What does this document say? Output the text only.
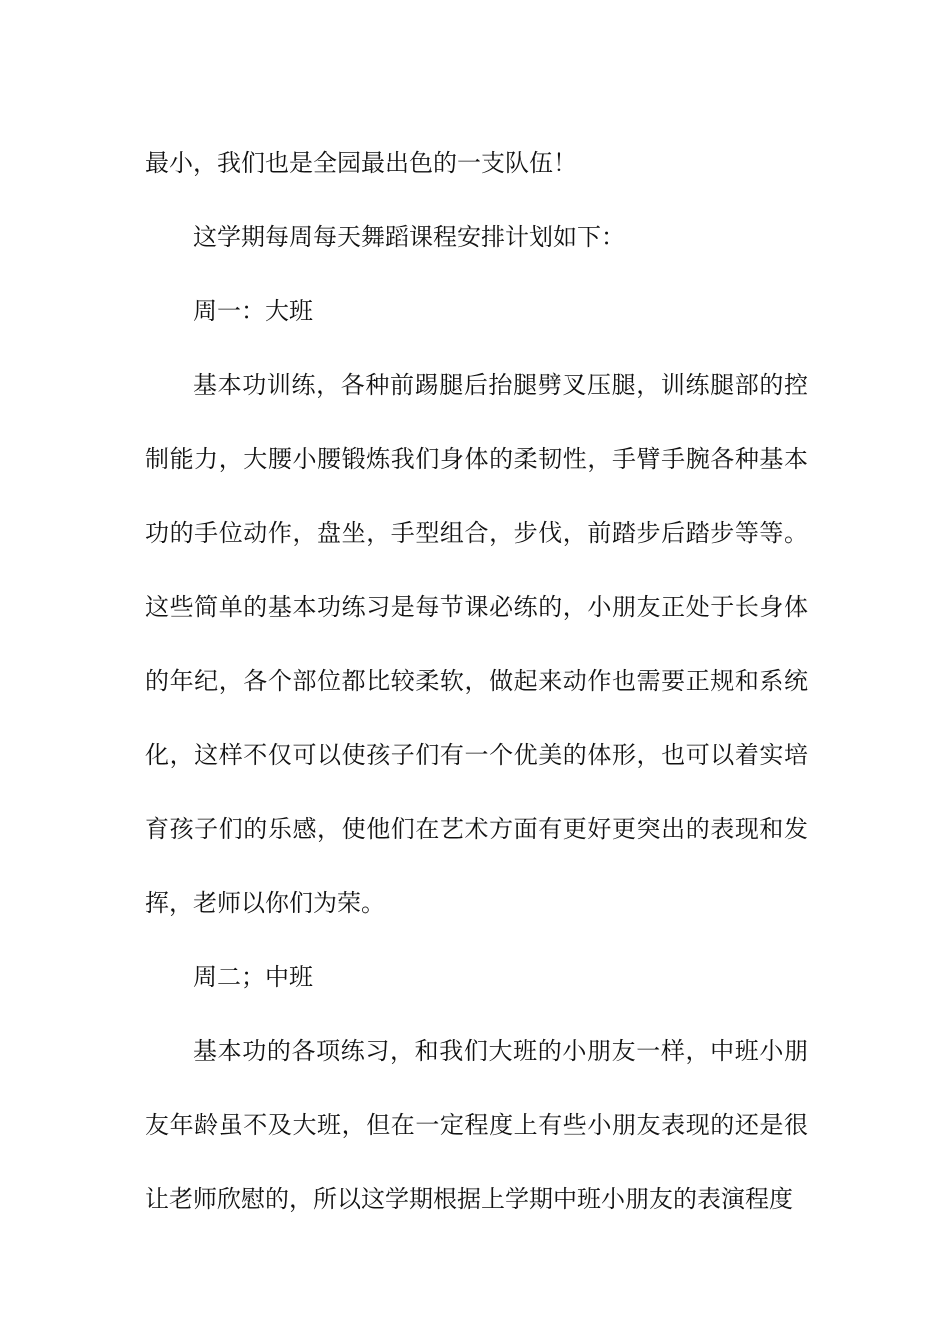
最小，我们也是全园最出色的一支队伍！

这学期每周每天舞蹈课程安排计划如下：

周一：大班

基本功训练，各种前踢腿后抬腿劈叉压腿，训练腿部的控制能力，大腰小腰锻炼我们身体的柔韧性，手臂手腕各种基本功的手位动作，盘坐，手型组合，步伐，前踏步后踏步等等。这些简单的基本功练习是每节课必练的，小朋友正处于长身体的年纪，各个部位都比较柔软，做起来动作也需要正规和系统化，这样不仅可以使孩子们有一个优美的体形，也可以着实培育孩子们的乐感，使他们在艺术方面有更好更突出的表现和发挥，老师以你们为荣。

周二；中班

基本功的各项练习，和我们大班的小朋友一样，中班小朋友年龄虽不及大班，但在一定程度上有些小朋友表现的还是很让老师欣慰的，所以这学期根据上学期中班小朋友的表演程度
